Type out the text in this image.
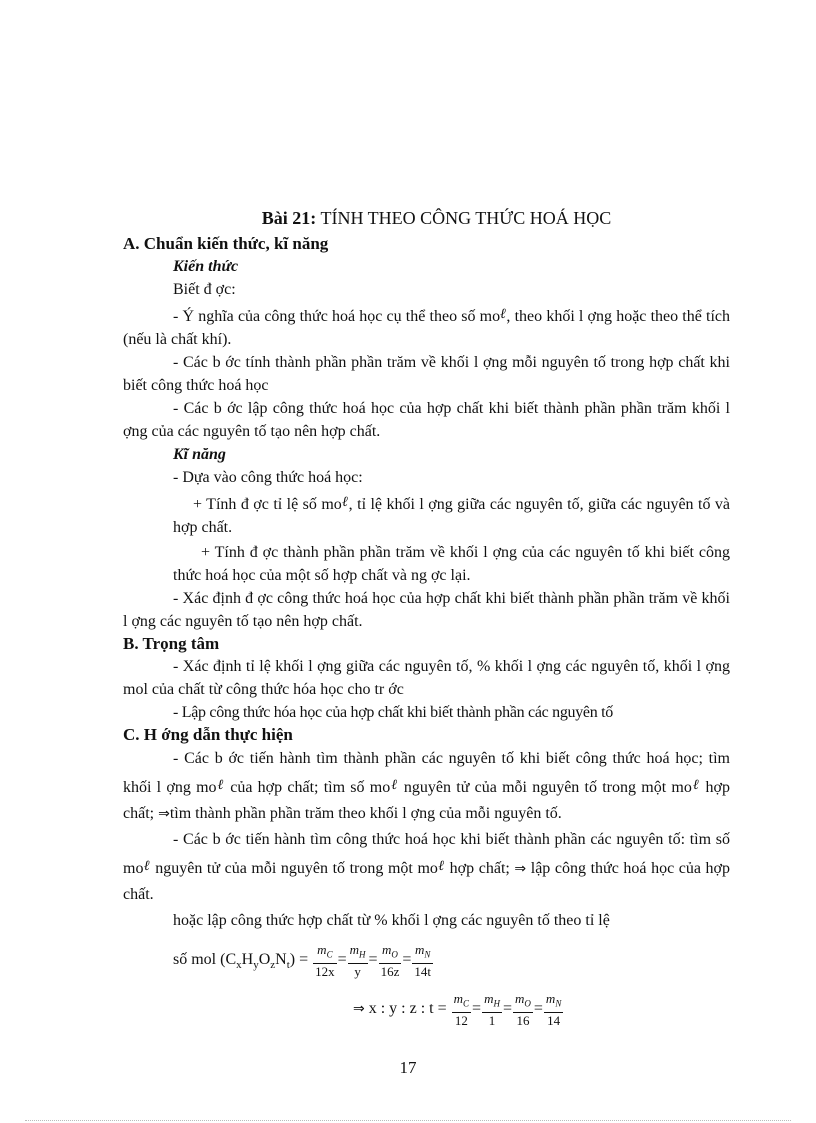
Bài 21: TÍNH THEO CÔNG THỨC HOÁ HỌC
A. Chuẩn kiến thức, kĩ năng
Kiến thức

Biết đ ợc:

- Ý nghĩa của công thức hoá học cụ thể theo số moℓ, theo khối l ợng hoặc theo thể tích (nếu là chất khí).

- Các b ớc tính thành phần phần trăm về khối l ợng mỗi nguyên tố trong hợp chất khi biết công thức hoá học

- Các b ớc lập công thức hoá học của hợp chất khi biết thành phần phần trăm khối l ợng của các nguyên tố tạo nên hợp chất.

Kĩ năng

- Dựa vào công thức hoá học:

+ Tính đ ợc tỉ lệ số moℓ, tỉ lệ khối l ợng giữa các nguyên tố, giữa các nguyên tố và hợp chất.

+ Tính đ ợc thành phần phần trăm về khối l ợng của các nguyên tố khi biết công thức hoá học của một số hợp chất và ng ợc lại.

- Xác định đ ợc công thức hoá học của hợp chất khi biết thành phần phần trăm về khối l ợng các nguyên tố tạo nên hợp chất.

B. Trọng tâm

- Xác định tỉ lệ khối l ợng giữa các nguyên tố, % khối l ợng các nguyên tố, khối l ợng mol của chất từ công thức hóa học cho tr ớc

- Lập công thức hóa học của hợp chất khi biết thành phần các nguyên tố

C. H ớng dẫn thực hiện

- Các b ớc tiến hành tìm thành phần các nguyên tố khi biết công thức hoá học; tìm khối l ợng moℓ của hợp chất; tìm số moℓ nguyên tử của mỗi nguyên tố trong một moℓ hợp chất; ⇒tìm thành phần phần trăm theo khối l ợng của mỗi nguyên tố.

- Các b ớc tiến hành tìm công thức hoá học khi biết thành phần các nguyên tố: tìm số moℓ nguyên tử của mỗi nguyên tố trong một moℓ hợp chất; ⇒ lập công thức hoá học của hợp chất.

hoặc lập công thức hợp chất từ % khối l ợng các nguyên tố theo tỉ lệ

số mol $(C_xH_yO_zN_t) = \frac{m_C}{12x} = \frac{m_H}{y} = \frac{m_O}{16z} = \frac{m_N}{14t}$
⇒ x : y : z : $t = \frac{m_C}{12} = \frac{m_H}{1} = \frac{m_O}{16} = \frac{m_N}{14}$
17
